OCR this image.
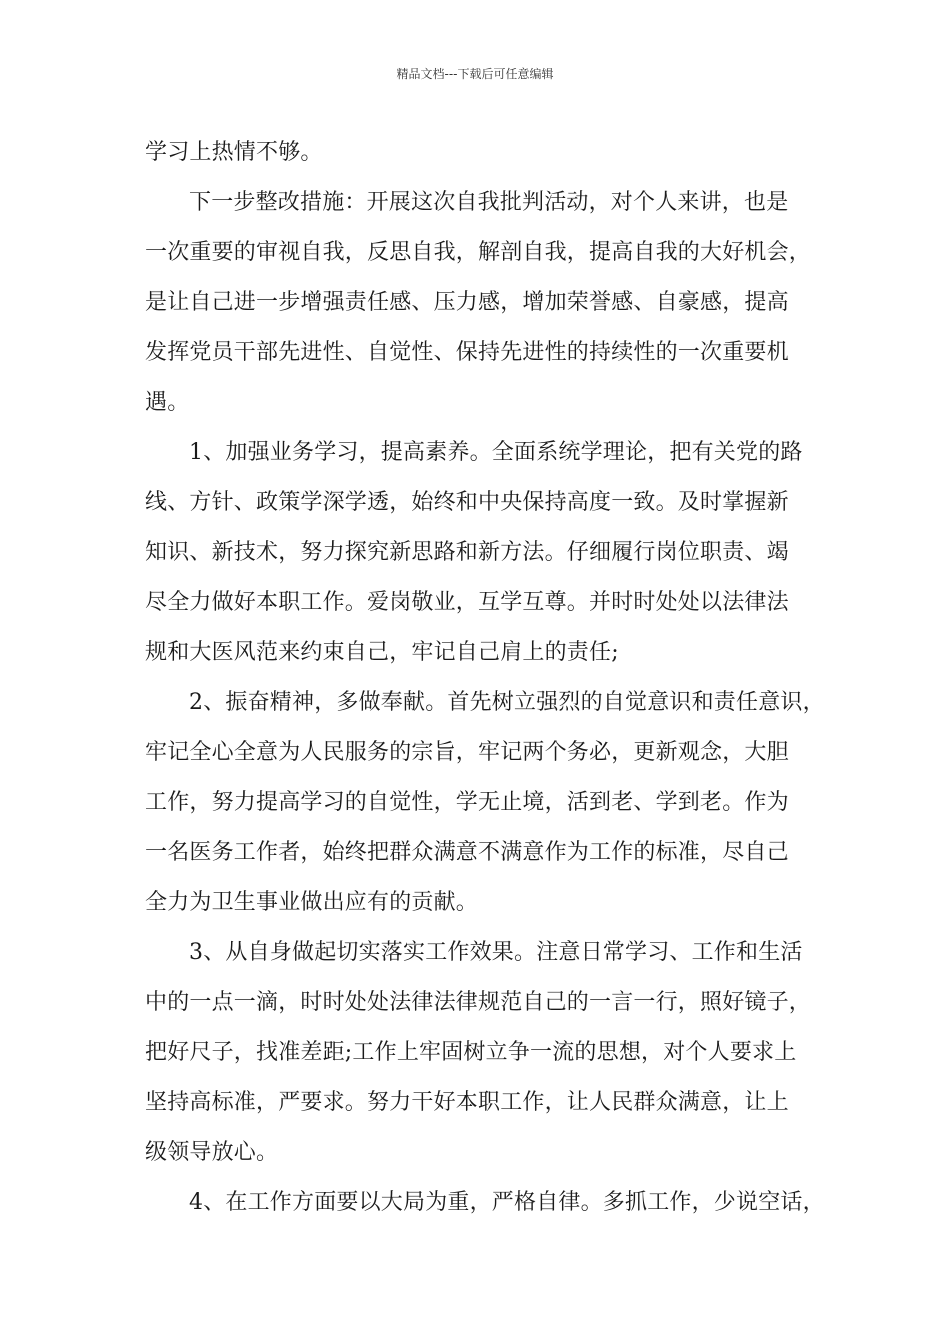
精品文档---下载后可任意编辑
学习上热情不够。
下一步整改措施：开展这次自我批判活动，对个人来讲，也是
一次重要的审视自我，反思自我，解剖自我，提高自我的大好机会，
是让自己进一步增强责任感、压力感，增加荣誉感、自豪感，提高
发挥党员干部先进性、自觉性、保持先进性的持续性的一次重要机
遇。
1、加强业务学习，提高素养。全面系统学理论，把有关党的路
线、方针、政策学深学透，始终和中央保持高度一致。及时掌握新
知识、新技术，努力探究新思路和新方法。仔细履行岗位职责、竭
尽全力做好本职工作。爱岗敬业，互学互尊。并时时处处以法律法
规和大医风范来约束自己，牢记自己肩上的责任;
2、振奋精神，多做奉献。首先树立强烈的自觉意识和责任意识，
牢记全心全意为人民服务的宗旨，牢记两个务必，更新观念，大胆
工作，努力提高学习的自觉性，学无止境，活到老、学到老。作为
一名医务工作者，始终把群众满意不满意作为工作的标准，尽自己
全力为卫生事业做出应有的贡献。
3、从自身做起切实落实工作效果。注意日常学习、工作和生活
中的一点一滴，时时处处法律法律规范自己的一言一行，照好镜子，
把好尺子，找准差距;工作上牢固树立争一流的思想，对个人要求上
坚持高标准，严要求。努力干好本职工作，让人民群众满意，让上
级领导放心。
4、在工作方面要以大局为重，严格自律。多抓工作，少说空话，
